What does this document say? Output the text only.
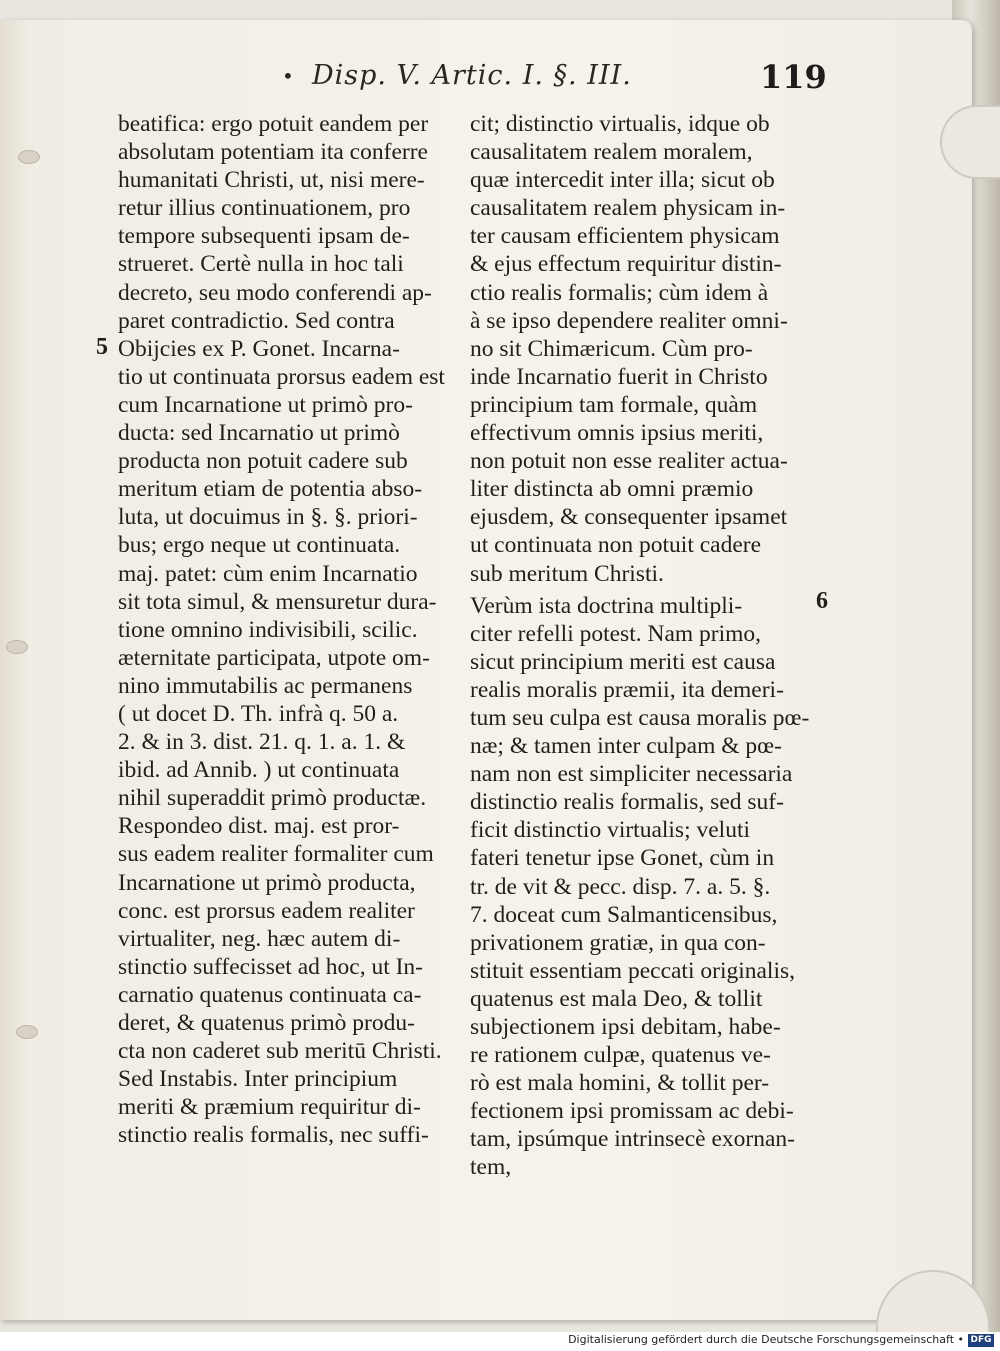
• Disp. V. Artic. I. §. III.	119
5
6
beatifica: ergo potuit eandem per
absolutam potentiam ita conferre
humanitati Christi, ut, nisi mere-
retur illius continuationem, pro
tempore subsequenti ipsam de-
strueret. Certè nulla in hoc tali
decreto, seu modo conferendi ap-
paret contradictio. Sed contra
Obijcies ex P. Gonet. Incarna-
tio ut continuata prorsus eadem est
cum Incarnatione ut primò pro-
ducta: sed Incarnatio ut primò
producta non potuit cadere sub
meritum etiam de potentia abso-
luta, ut docuimus in §. §. priori-
bus; ergo neque ut continuata.
maj. patet: cùm enim Incarnatio
sit tota simul, & mensuretur dura-
tione omnino indivisibili, scilic.
æternitate participata, utpote om-
nino immutabilis ac permanens
( ut docet D. Th. infrà q. 50 a.
2. & in 3. dist. 21. q. 1. a. 1. &
ibid. ad Annib. ) ut continuata
nihil superaddit primò productæ.
Respondeo dist. maj. est pror-
sus eadem realiter formaliter cum
Incarnatione ut primò producta,
conc. est prorsus eadem realiter
virtualiter, neg. hæc autem di-
stinctio suffecisset ad hoc, ut In-
carnatio quatenus continuata ca-
deret, & quatenus primò produ-
cta non caderet sub meritū Christi.
Sed Instabis. Inter principium
meriti & præmium requiritur di-
stinctio realis formalis, nec suffi-
cit; distinctio virtualis, idque ob
causalitatem realem moralem,
quæ intercedit inter illa; sicut ob
causalitatem realem physicam in-
ter causam efficientem physicam
& ejus effectum requiritur distin-
ctio realis formalis; cùm idem à
à se ipso dependere realiter omni-
no sit Chimæricum. Cùm pro-
inde Incarnatio fuerit in Christo
principium tam formale, quàm
effectivum omnis ipsius meriti,
non potuit non esse realiter actua-
liter distincta ab omni præmio
ejusdem, & consequenter ipsamet
ut continuata non potuit cadere
sub meritum Christi.
Verùm ista doctrina multipli-
citer refelli potest. Nam primo,
sicut principium meriti est causa
realis moralis præmii, ita demeri-
tum seu culpa est causa moralis pœ-
næ; & tamen inter culpam & pœ-
nam non est simpliciter necessaria
distinctio realis formalis, sed suf-
ficit distinctio virtualis; veluti
fateri tenetur ipse Gonet, cùm in
tr. de vit & pecc. disp. 7. a. 5. §.
7. doceat cum Salmanticensibus,
privationem gratiæ, in qua con-
stituit essentiam peccati originalis,
quatenus est mala Deo, & tollit
subjectionem ipsi debitam, habe-
re rationem culpæ, quatenus ve-
rò est mala homini, & tollit per-
fectionem ipsi promissam ac debi-
tam, ipsúmque intrinsecè exornan-
tem,
Digitalisierung gefördert durch die Deutsche Forschungsgemeinschaft • DFG
